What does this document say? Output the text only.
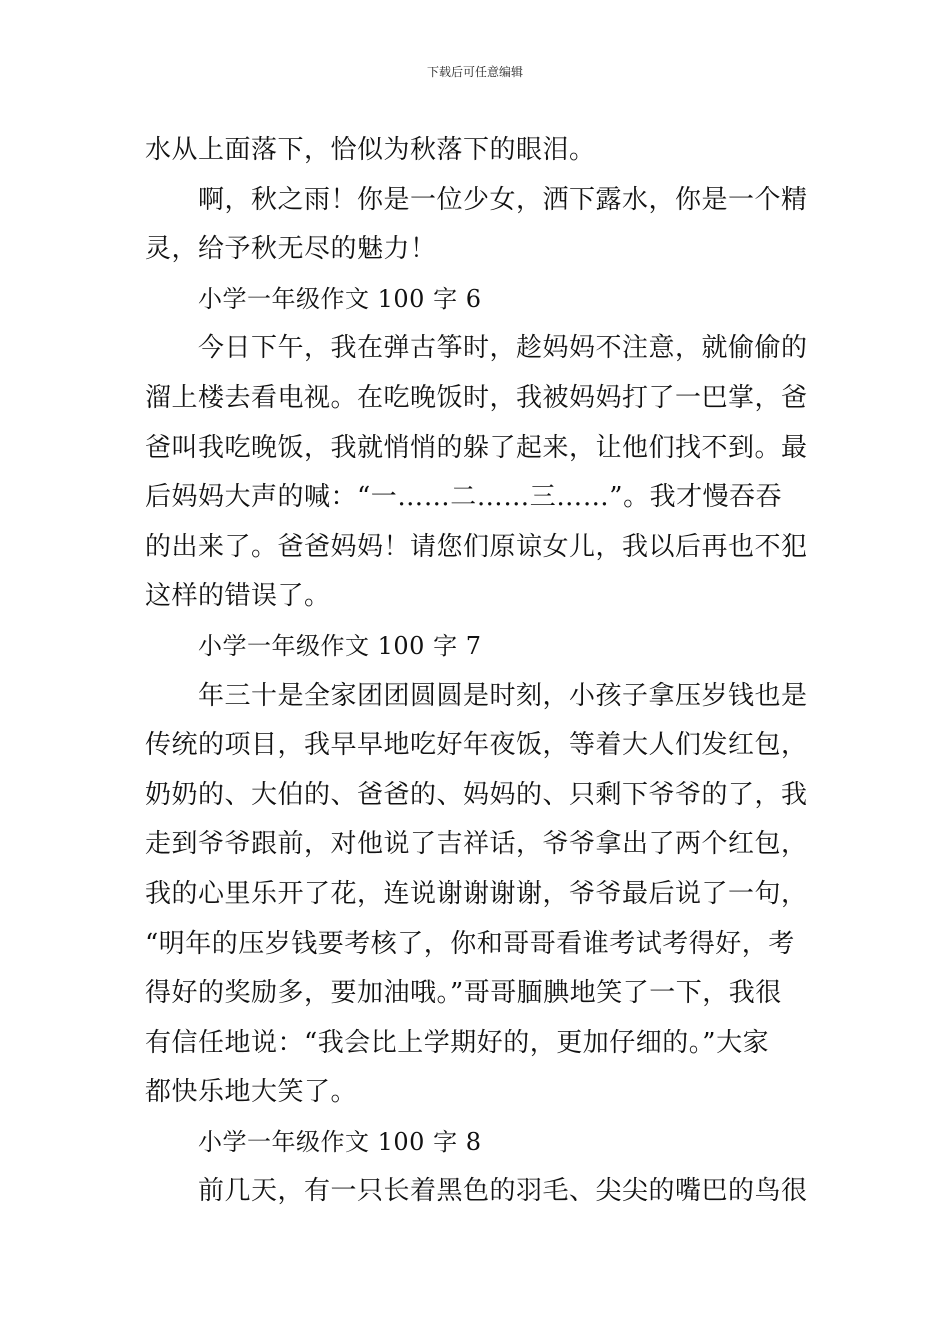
下载后可任意编辑
水从上面落下，恰似为秋落下的眼泪。
啊，秋之雨！你是一位少女，洒下露水，你是一个精
灵，给予秋无尽的魅力！
小学一年级作文 100 字 6
今日下午，我在弹古筝时，趁妈妈不注意，就偷偷的
溜上楼去看电视。在吃晚饭时，我被妈妈打了一巴掌，爸
爸叫我吃晚饭，我就悄悄的躲了起来，让他们找不到。最
后妈妈大声的喊：“一……二……三……”。我才慢吞吞
的出来了。爸爸妈妈！请您们原谅女儿，我以后再也不犯
这样的错误了。
小学一年级作文 100 字 7
年三十是全家团团圆圆是时刻，小孩子拿压岁钱也是
传统的项目，我早早地吃好年夜饭，等着大人们发红包，
奶奶的、大伯的、爸爸的、妈妈的、只剩下爷爷的了，我
走到爷爷跟前，对他说了吉祥话，爷爷拿出了两个红包，
我的心里乐开了花，连说谢谢谢谢，爷爷最后说了一句，
“明年的压岁钱要考核了，你和哥哥看谁考试考得好，考
得好的奖励多，要加油哦。”哥哥腼腆地笑了一下，我很
有信任地说：“我会比上学期好的，更加仔细的。”大家
都快乐地大笑了。
小学一年级作文 100 字 8
前几天，有一只长着黑色的羽毛、尖尖的嘴巴的鸟很
